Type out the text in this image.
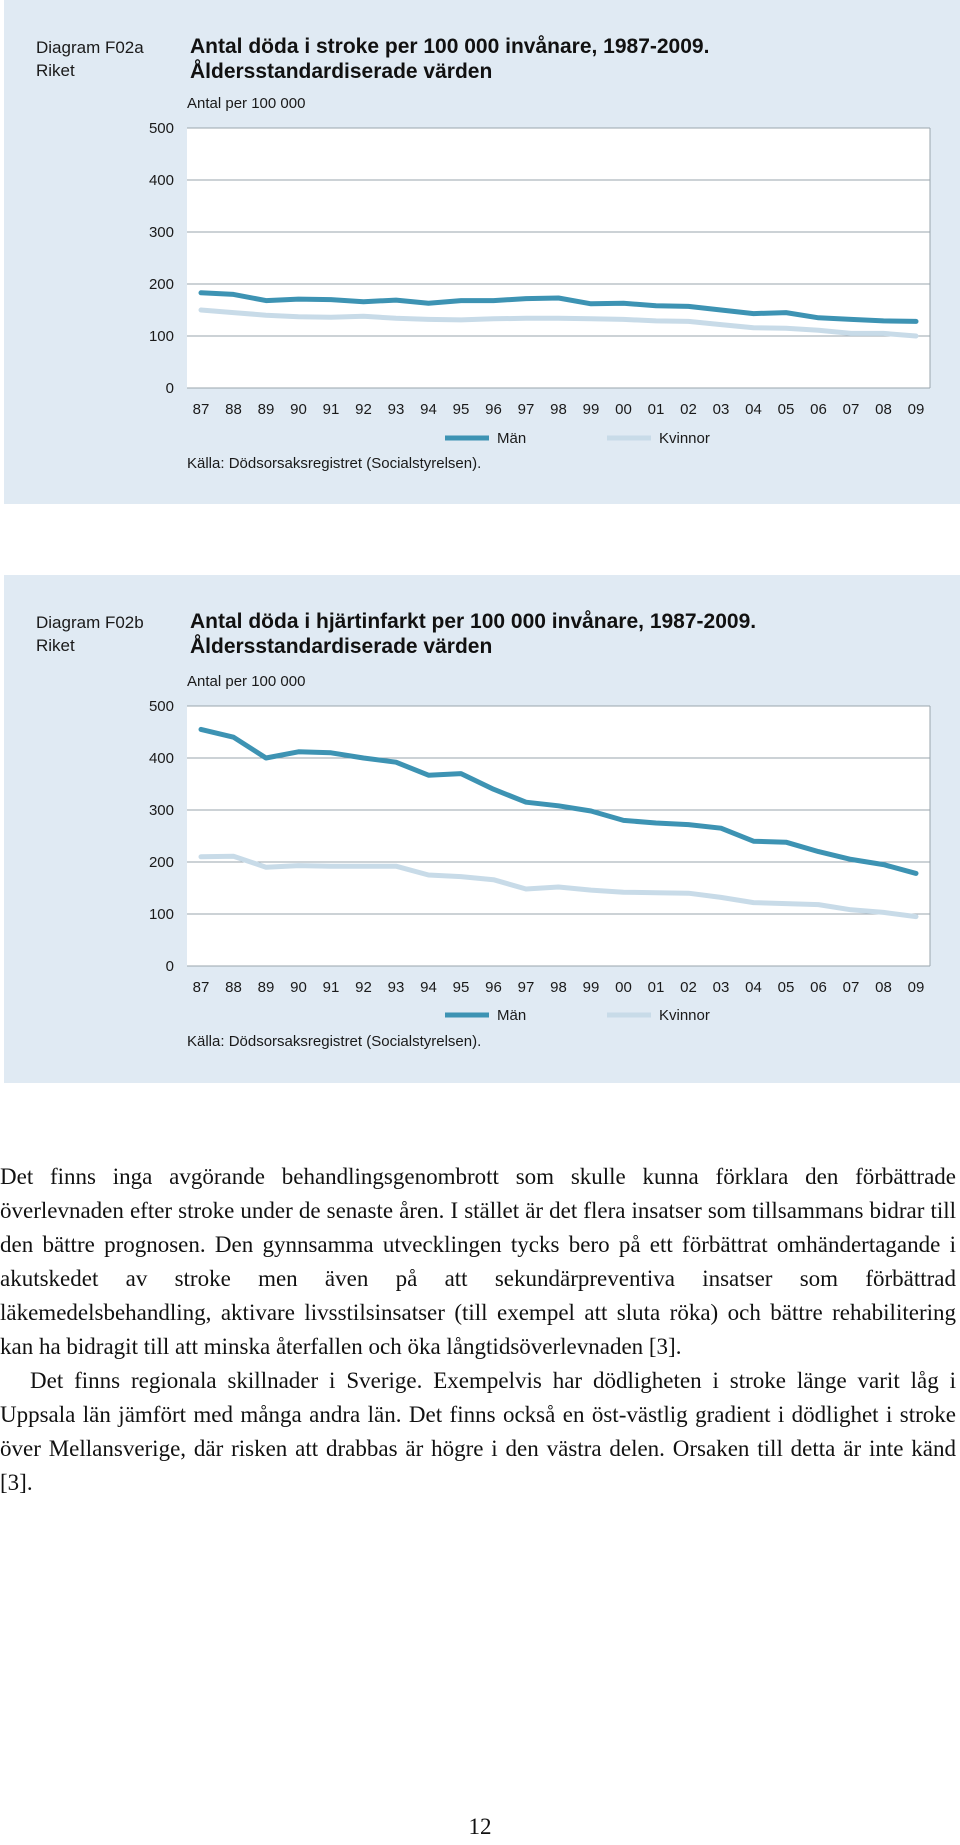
Diagram F02a
Riket
Antal döda i stroke per 100 000 invånare, 1987-2009.
Åldersstandardiserade värden
Antal per 100 000
0
100
200
300
400
500
87 88 89 90 91 92 93 94 95 96 97 98 99 00 01 02 03 04 05 06 07 08 09
Män	Kvinnor
Källa: Dödsorsaksregistret (Socialstyrelsen).
Diagram F02b
Riket
Antal döda i hjärtinfarkt per 100 000 invånare, 1987-2009.
Åldersstandardiserade värden
Antal per 100 000
0
100
200
300
400
500
87 88 89 90 91 92 93 94 95 96 97 98 99 00 01 02 03 04 05 06 07 08 09
Män	Kvinnor
Källa: Dödsorsaksregistret (Socialstyrelsen).

Det finns inga avgörande behandlingsgenombrott som skulle kunna förklara den förbättrade överlevnaden efter stroke under de senaste åren. I stället är det flera insatser som tillsammans bidrar till den bättre prognosen. Den gynnsamma utvecklingen tycks bero på ett förbättrat omhändertagande i akutskedet av stroke men även på att sekundärpreventiva insatser som förbättrad läkemedelsbehandling, aktivare livsstilsinsatser (till exempel att sluta röka) och bättre rehabilitering kan ha bidragit till att minska återfallen och öka långtidsöverlevnaden [3].

Det finns regionala skillnader i Sverige. Exempelvis har dödligheten i stroke länge varit låg i Uppsala län jämfört med många andra län. Det finns också en öst-västlig gradient i dödlighet i stroke över Mellansverige, där risken att drabbas är högre i den västra delen. Orsaken till detta är inte känd [3].

12
